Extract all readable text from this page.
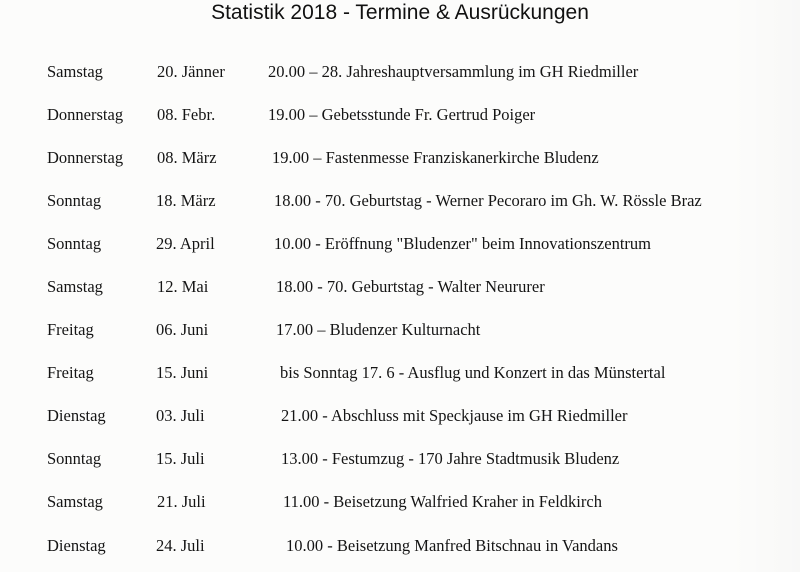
Statistik 2018 - Termine & Ausrückungen
Samstag	20. Jänner	20.00 – 28. Jahreshauptversammlung im GH Riedmiller
Donnerstag 08. Febr.	19.00 – Gebetsstunde Fr. Gertrud Poiger
Donnerstag 08. März	19.00 – Fastenmesse Franziskanerkirche Bludenz
Sonntag	18. März	18.00 - 70. Geburtstag - Werner Pecoraro im Gh. W. Rössle Braz
Sonntag	29. April	10.00 - Eröffnung "Bludenzer" beim Innovationszentrum
Samstag	12. Mai	18.00 - 70. Geburtstag - Walter Neururer
Freitag	06. Juni	17.00 – Bludenzer Kulturnacht
Freitag	15. Juni	bis Sonntag 17. 6 - Ausflug und Konzert in das Münstertal
Dienstag	03. Juli	21.00 - Abschluss mit Speckjause im GH Riedmiller
Sonntag	15. Juli	13.00 - Festumzug - 170 Jahre Stadtmusik Bludenz
Samstag	21. Juli	11.00 - Beisetzung Walfried Kraher in Feldkirch
Dienstag	24. Juli	10.00 - Beisetzung Manfred Bitschnau in Vandans
